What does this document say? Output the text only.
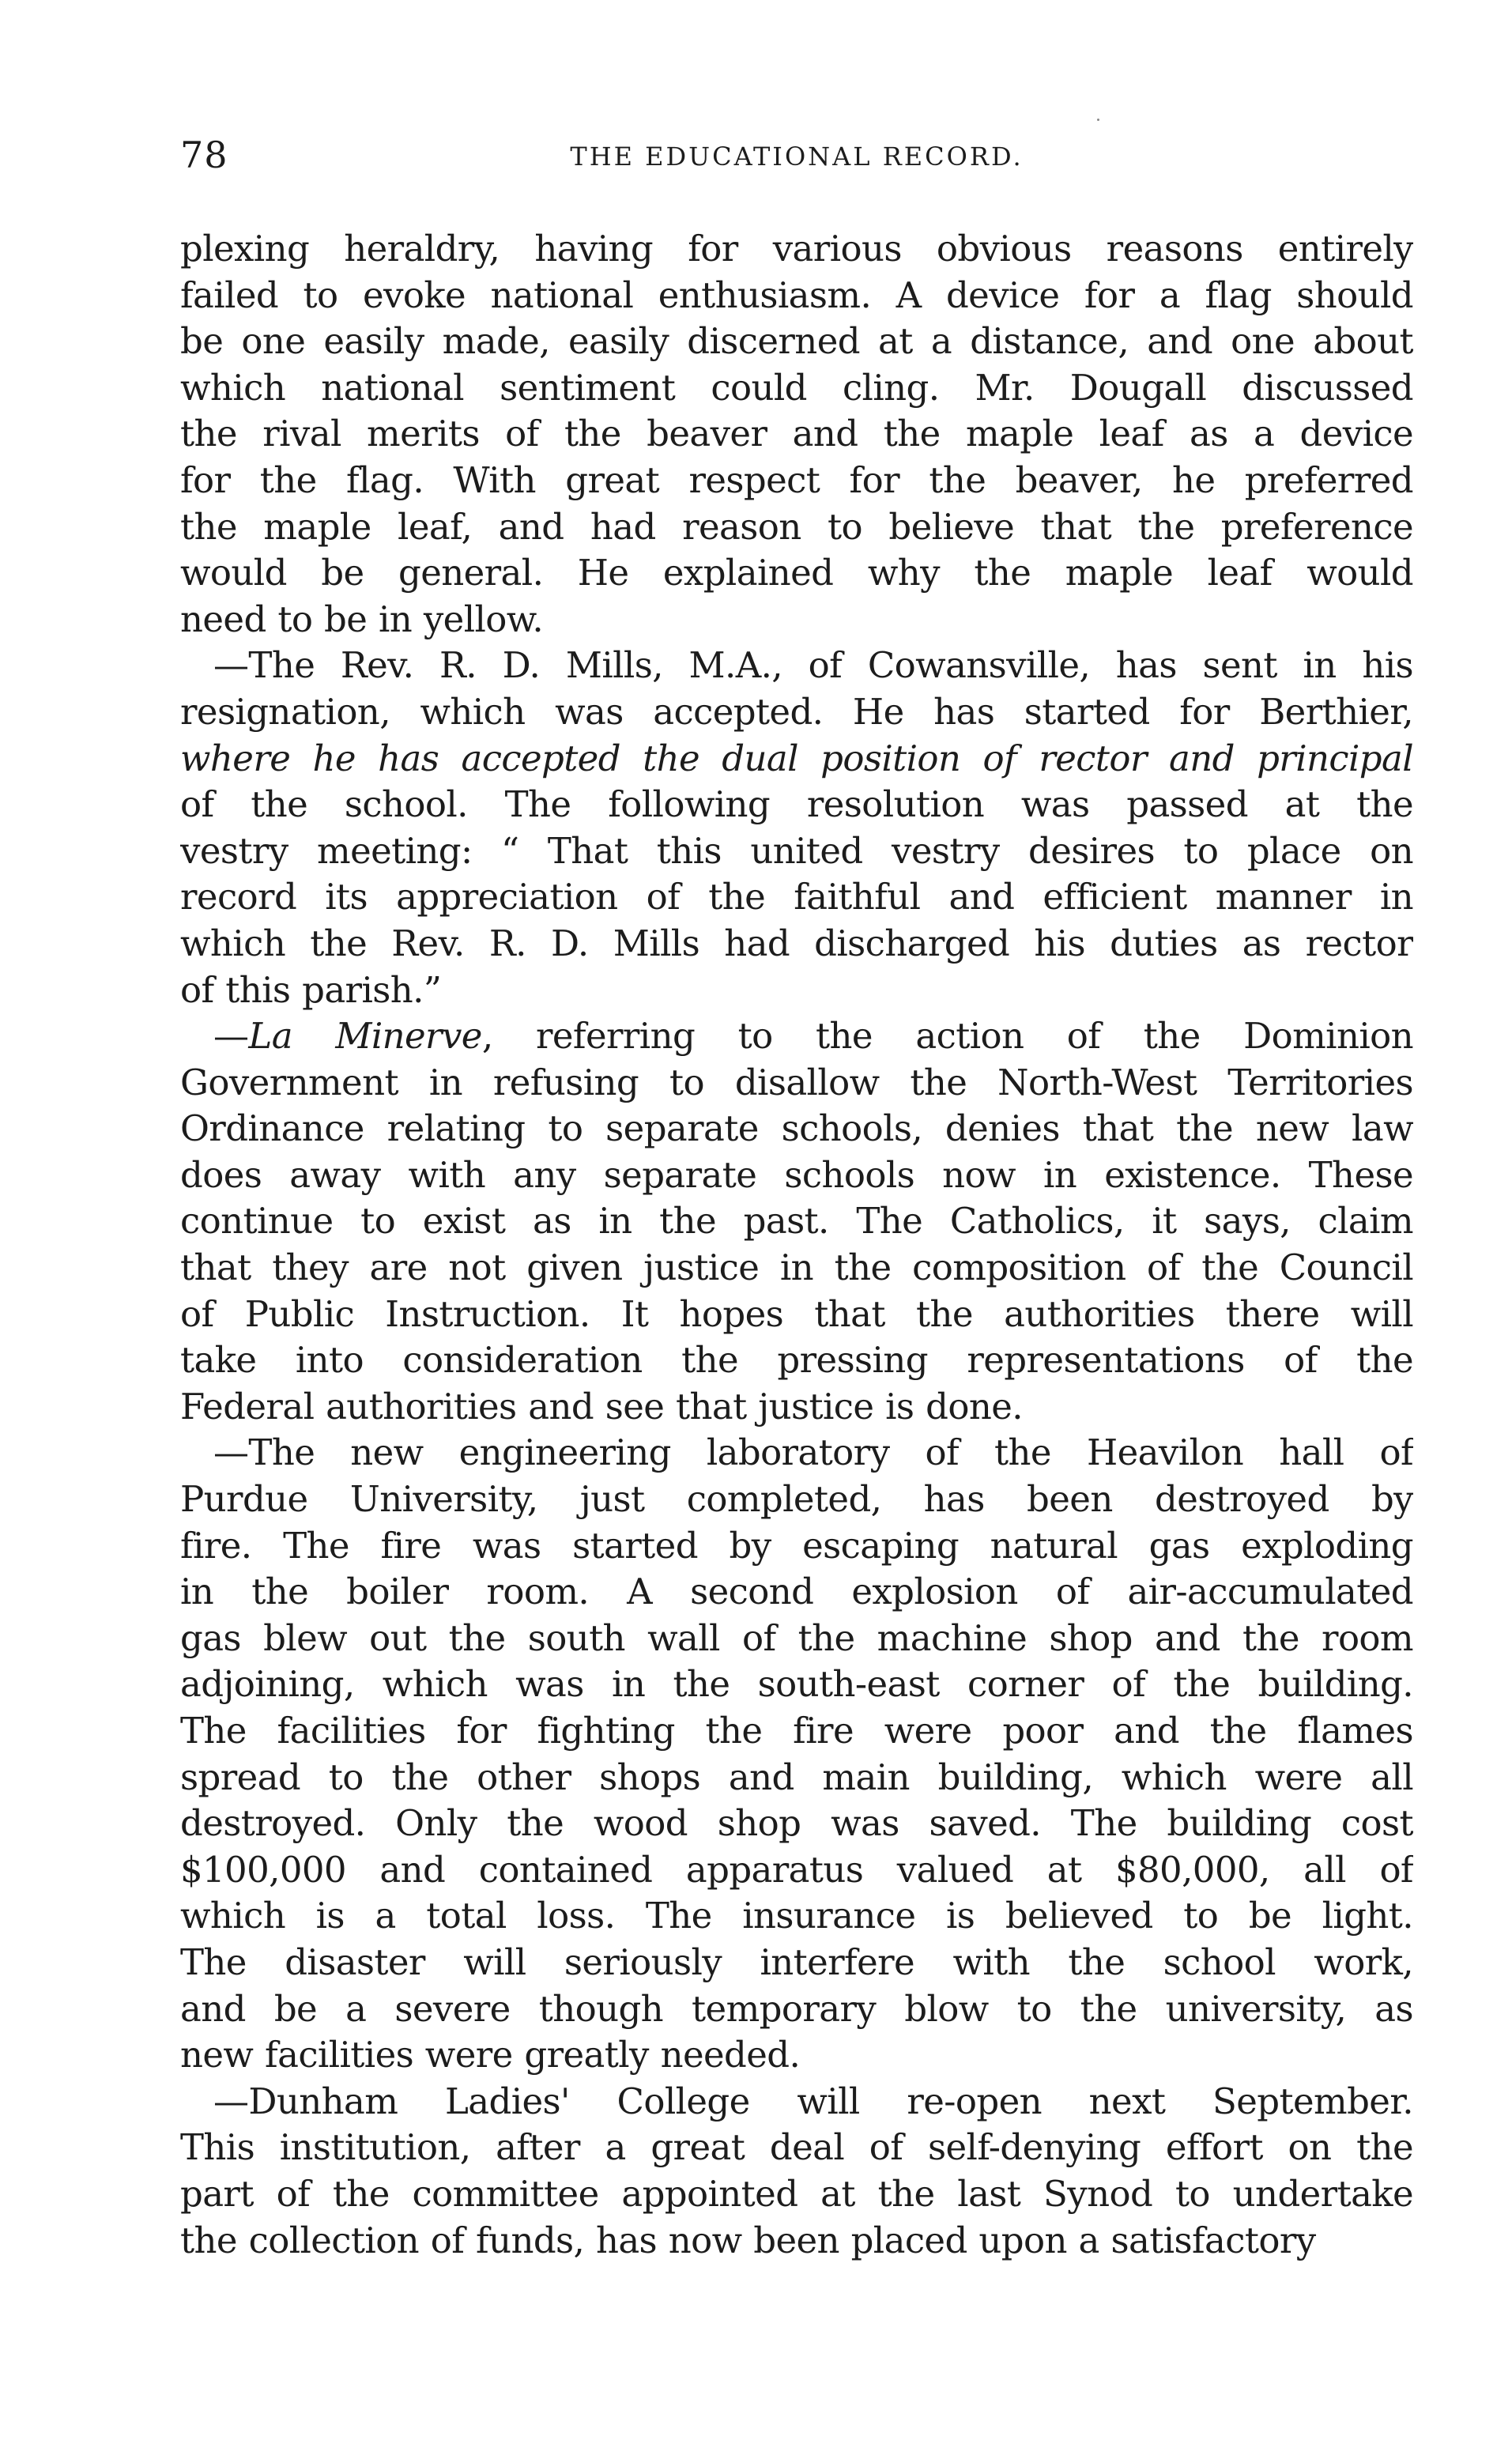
78	THE EDUCATIONAL RECORD.

plexing heraldry, having for various obvious reasons entirely
failed to evoke national enthusiasm. A device for a flag should
be one easily made, easily discerned at a distance, and one about
which national sentiment could cling. Mr. Dougall discussed
the rival merits of the beaver and the maple leaf as a device
for the flag. With great respect for the beaver, he preferred
the maple leaf, and had reason to believe that the preference
would be general. He explained why the maple leaf would
need to be in yellow.

—The Rev. R. D. Mills, M.A., of Cowansville, has sent in his
resignation, which was accepted. He has started for Berthier,
where he has accepted the dual position of rector and principal
of the school. The following resolution was passed at the
vestry meeting: “ That this united vestry desires to place on
record its appreciation of the faithful and efficient manner in
which the Rev. R. D. Mills had discharged his duties as rector
of this parish.”

—La Minerve, referring to the action of the Dominion
Government in refusing to disallow the North-West Territories
Ordinance relating to separate schools, denies that the new law
does away with any separate schools now in existence. These
continue to exist as in the past. The Catholics, it says, claim
that they are not given justice in the composition of the Council
of Public Instruction. It hopes that the authorities there will
take into consideration the pressing representations of the
Federal authorities and see that justice is done.

—The new engineering laboratory of the Heavilon hall of
Purdue University, just completed, has been destroyed by
fire. The fire was started by escaping natural gas exploding
in the boiler room. A second explosion of air-accumulated
gas blew out the south wall of the machine shop and the room
adjoining, which was in the south-east corner of the building.
The facilities for fighting the fire were poor and the flames
spread to the other shops and main building, which were all
destroyed. Only the wood shop was saved. The building cost
$100,000 and contained apparatus valued at $80,000, all of
which is a total loss. The insurance is believed to be light.
The disaster will seriously interfere with the school work,
and be a severe though temporary blow to the university, as
new facilities were greatly needed.

—Dunham Ladies' College will re-open next September.
This institution, after a great deal of self-denying effort on the
part of the committee appointed at the last Synod to undertake
the collection of funds, has now been placed upon a satisfactory
